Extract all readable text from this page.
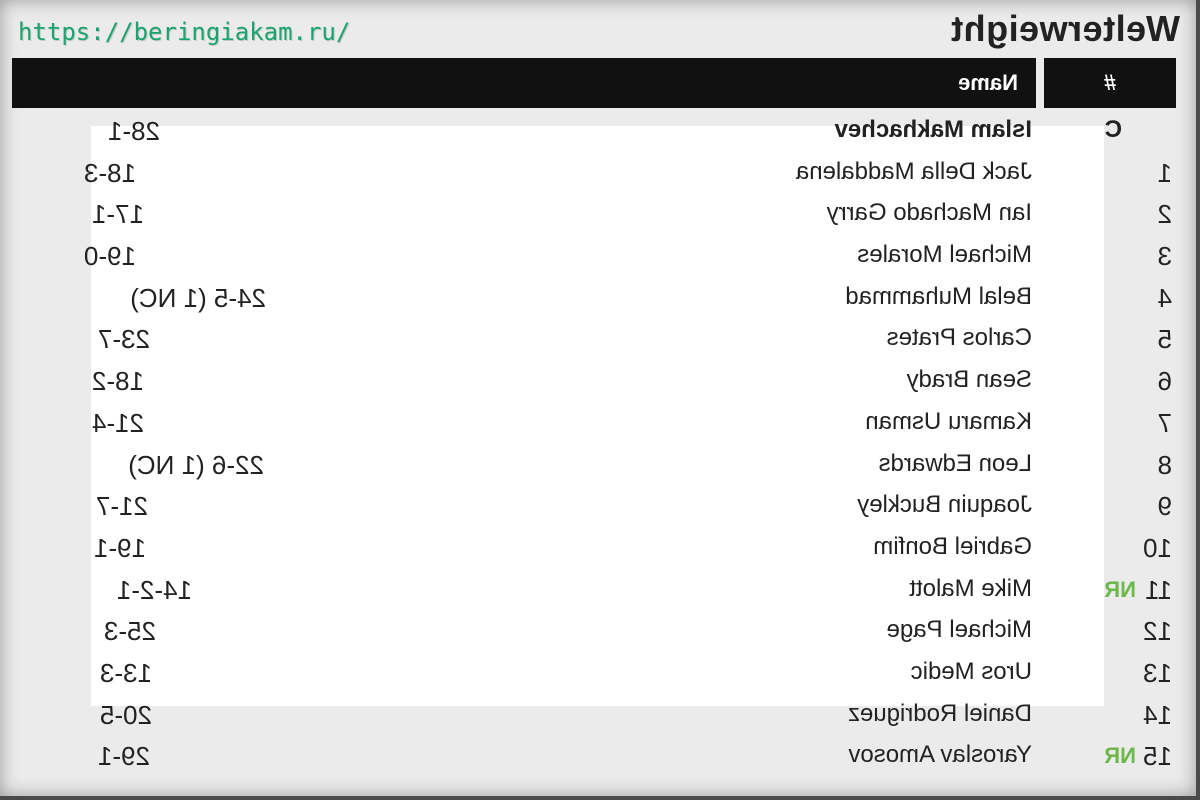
Welterweight
#
Name
C
Islam Makhachev
28-1
1
Jack Della Maddalena
18-3
2
Ian Machado Garry
17-1
3
Michael Morales
19-0
4
Belal Muhammad
24-5 (1 NC)
5
Carlos Prates
23-7
6
Sean Brady
18-2
7
Kamaru Usman
21-4
8
Leon Edwards
22-6 (1 NC)
9
Joaquin Buckley
21-7
10
Gabriel Bonfim
19-1
11
NR
Mike Malott
14-2-1
12
Michael Page
25-3
13
Uros Medic
13-3
14
Daniel Rodriguez
20-5
15
NR
Yaroslav Amosov
29-1
https://beringiakam.ru/
